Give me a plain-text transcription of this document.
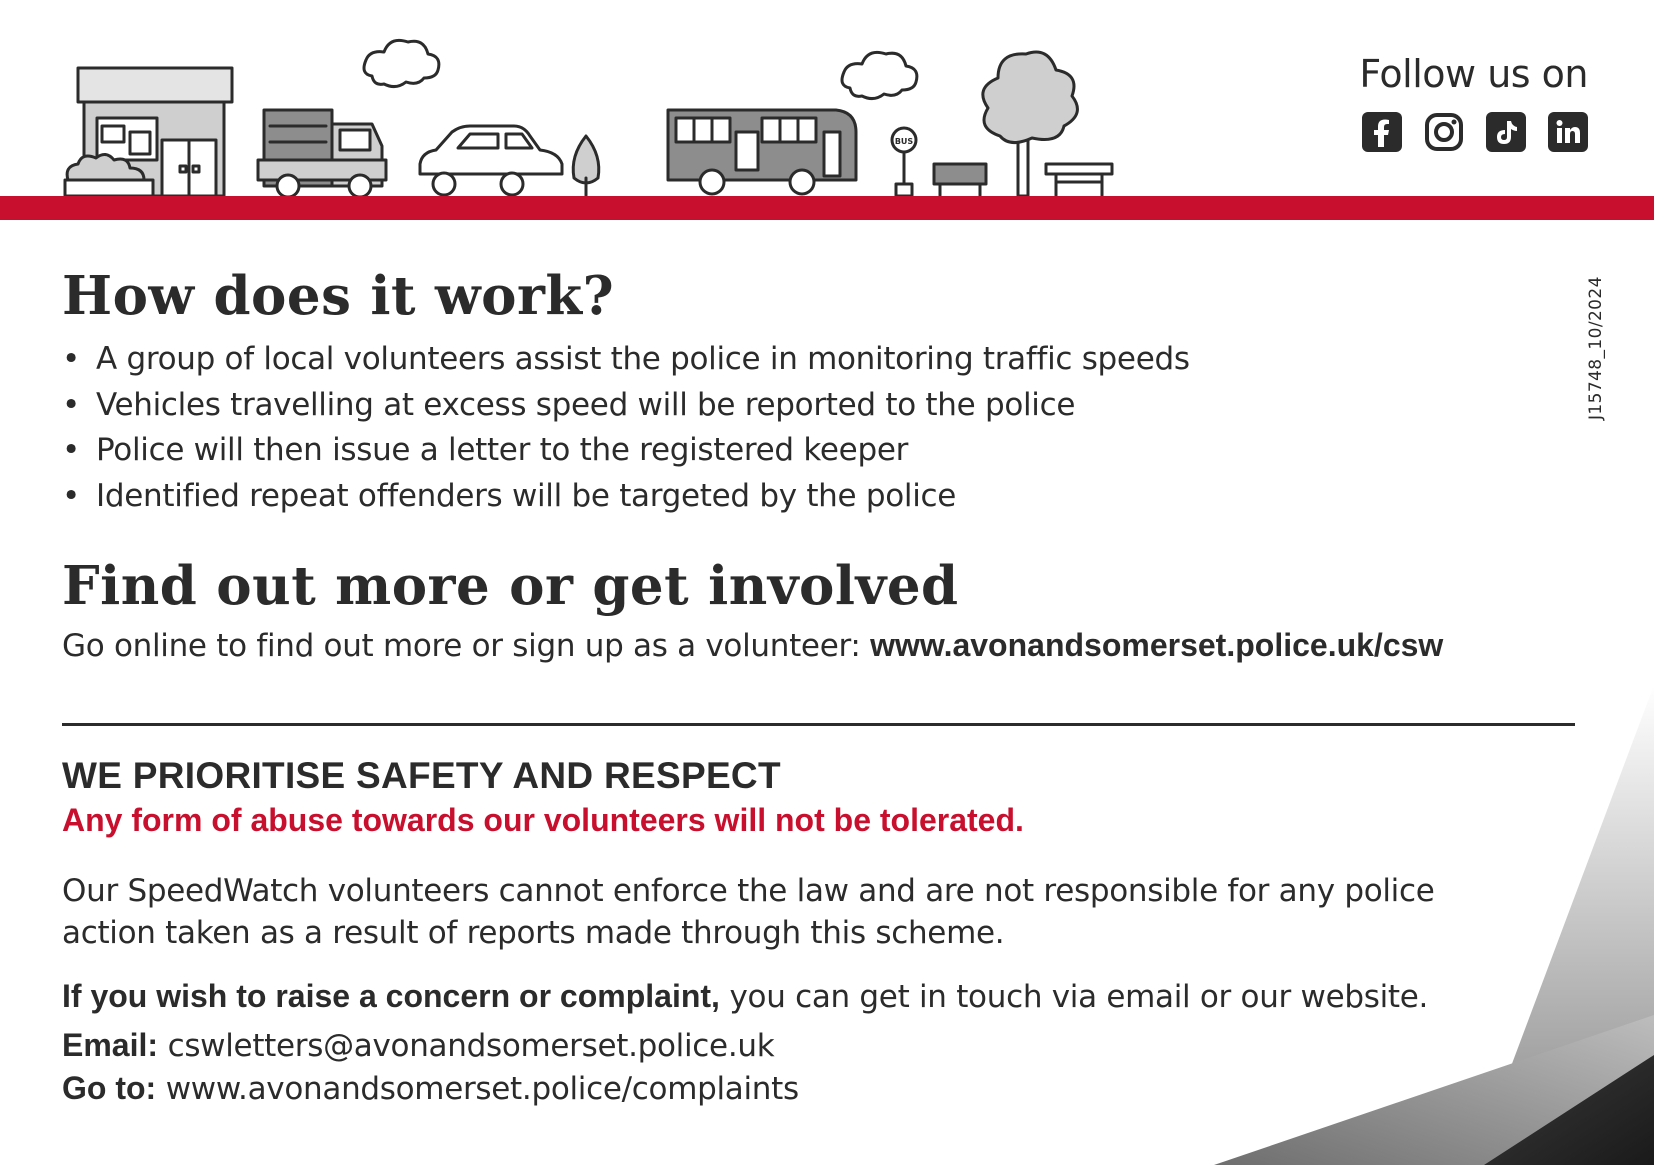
BUS
Follow us on
J15748_10/2024
How does it work?
• A group of local volunteers assist the police in monitoring traffic speeds
• Vehicles travelling at excess speed will be reported to the police
• Police will then issue a letter to the registered keeper
• Identified repeat offenders will be targeted by the police
Find out more or get involved
Go online to find out more or sign up as a volunteer: www.avonandsomerset.police.uk/csw
WE PRIORITISE SAFETY AND RESPECT
Any form of abuse towards our volunteers will not be tolerated.
Our SpeedWatch volunteers cannot enforce the law and are not responsible for any police action taken as a result of reports made through this scheme.
If you wish to raise a concern or complaint, you can get in touch via email or our website.
Email: cswletters@avonandsomerset.police.uk
Go to: www.avonandsomerset.police/complaints
